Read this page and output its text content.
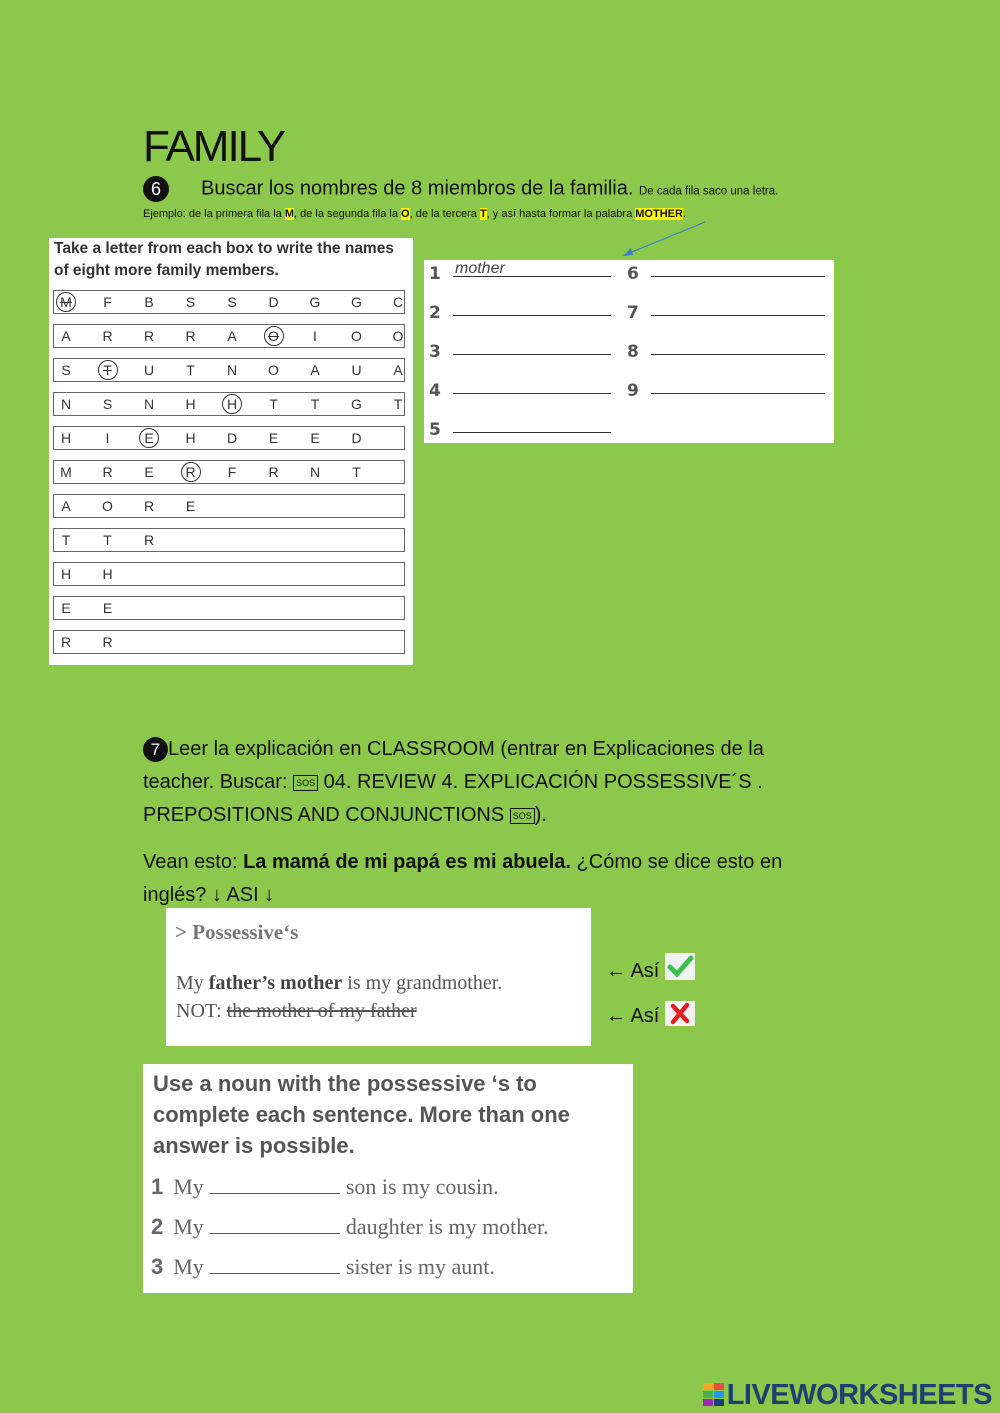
FAMILY
6 Buscar los nombres de 8 miembros de la familia. De cada fila saco una letra.
Ejemplo: de la primera fila la M, de la segunda fila la O, de la tercera T, y así hasta formar la palabra MOTHER.
Take a letter from each box to write the names of eight more family members.
M	F	B	S	S	D	G	G	C
A	R	R	R	A	O	I	O	O
S	T	U	T	N	O	A	U	A
N	S	N	H	H	T	T	G	T
H	I	E	H	D	E	E	D
M	R	E	R	F	R	N	T
A	O	R	E
T	T	R
H	H
E	E
R	R
1 mother
2
3
4
5
6
7
8
9
7 Leer la explicación en CLASSROOM (entrar en Explicaciones de la teacher. Buscar: SOS 04. REVIEW 4. EXPLICACIÓN POSSESSIVE´S . PREPOSITIONS AND CONJUNCTIONS SOS ).
Vean esto: La mamá de mi papá es mi abuela. ¿Cómo se dice esto en inglés? ↓ ASI ↓
> Possessive‘s
My father’s mother is my grandmother.
NOT: the mother of my father
← Así
← Así
Use a noun with the possessive ‘s to complete each sentence. More than one answer is possible.
1 My	son is my cousin.
2 My	daughter is my mother.
3 My	sister is my aunt.
LIVEWORKSHEETS
